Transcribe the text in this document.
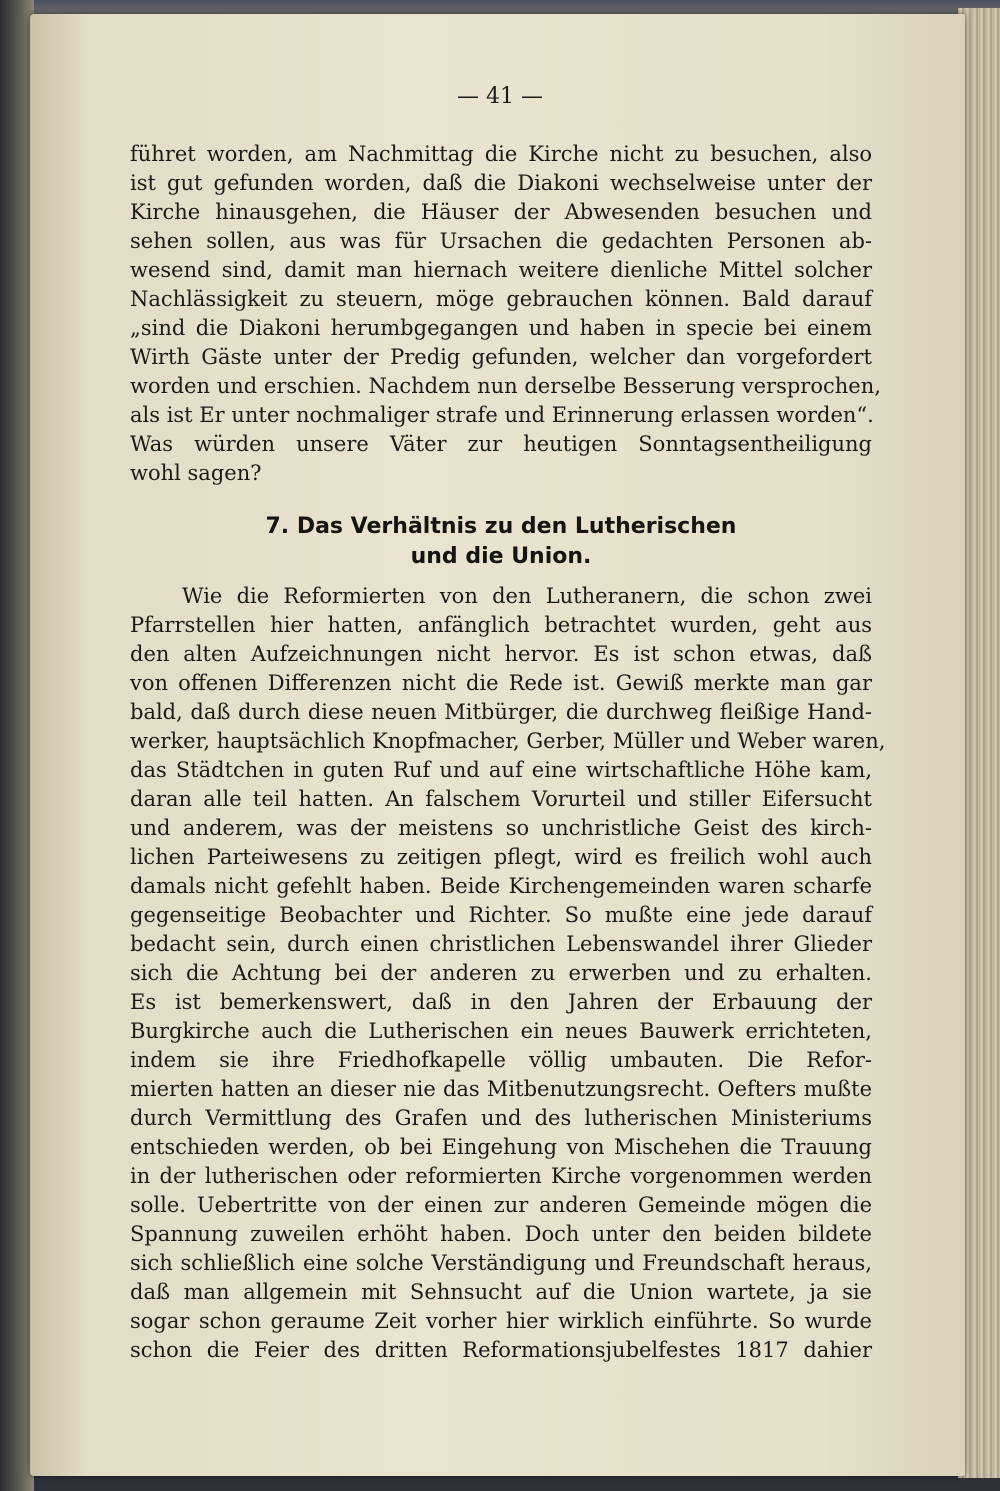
— 41 —
führet worden, am Nachmittag die Kirche nicht zu besuchen, also
ist gut gefunden worden, daß die Diakoni wechselweise unter der
Kirche hinausgehen, die Häuser der Abwesenden besuchen und
sehen sollen, aus was für Ursachen die gedachten Personen ab-
wesend sind, damit man hiernach weitere dienliche Mittel solcher
Nachlässigkeit zu steuern, möge gebrauchen können. Bald darauf
„sind die Diakoni herumbgegangen und haben in specie bei einem
Wirth Gäste unter der Predig gefunden, welcher dan vorgefordert
worden und erschien. Nachdem nun derselbe Besserung versprochen,
als ist Er unter nochmaliger strafe und Erinnerung erlassen worden“.
Was würden unsere Väter zur heutigen Sonntagsentheiligung
wohl sagen?
7. Das Verhältnis zu den Lutherischen
und die Union.
Wie die Reformierten von den Lutheranern, die schon zwei
Pfarrstellen hier hatten, anfänglich betrachtet wurden, geht aus
den alten Aufzeichnungen nicht hervor. Es ist schon etwas, daß
von offenen Differenzen nicht die Rede ist. Gewiß merkte man gar
bald, daß durch diese neuen Mitbürger, die durchweg fleißige Hand-
werker, hauptsächlich Knopfmacher, Gerber, Müller und Weber waren,
das Städtchen in guten Ruf und auf eine wirtschaftliche Höhe kam,
daran alle teil hatten. An falschem Vorurteil und stiller Eifersucht
und anderem, was der meistens so unchristliche Geist des kirch-
lichen Parteiwesens zu zeitigen pflegt, wird es freilich wohl auch
damals nicht gefehlt haben. Beide Kirchengemeinden waren scharfe
gegenseitige Beobachter und Richter. So mußte eine jede darauf
bedacht sein, durch einen christlichen Lebenswandel ihrer Glieder
sich die Achtung bei der anderen zu erwerben und zu erhalten.
Es ist bemerkenswert, daß in den Jahren der Erbauung der
Burgkirche auch die Lutherischen ein neues Bauwerk errichteten,
indem sie ihre Friedhofkapelle völlig umbauten. Die Refor-
mierten hatten an dieser nie das Mitbenutzungsrecht. Oefters mußte
durch Vermittlung des Grafen und des lutherischen Ministeriums
entschieden werden, ob bei Eingehung von Mischehen die Trauung
in der lutherischen oder reformierten Kirche vorgenommen werden
solle. Uebertritte von der einen zur anderen Gemeinde mögen die
Spannung zuweilen erhöht haben. Doch unter den beiden bildete
sich schließlich eine solche Verständigung und Freundschaft heraus,
daß man allgemein mit Sehnsucht auf die Union wartete, ja sie
sogar schon geraume Zeit vorher hier wirklich einführte. So wurde
schon die Feier des dritten Reformationsjubelfestes 1817 dahier
